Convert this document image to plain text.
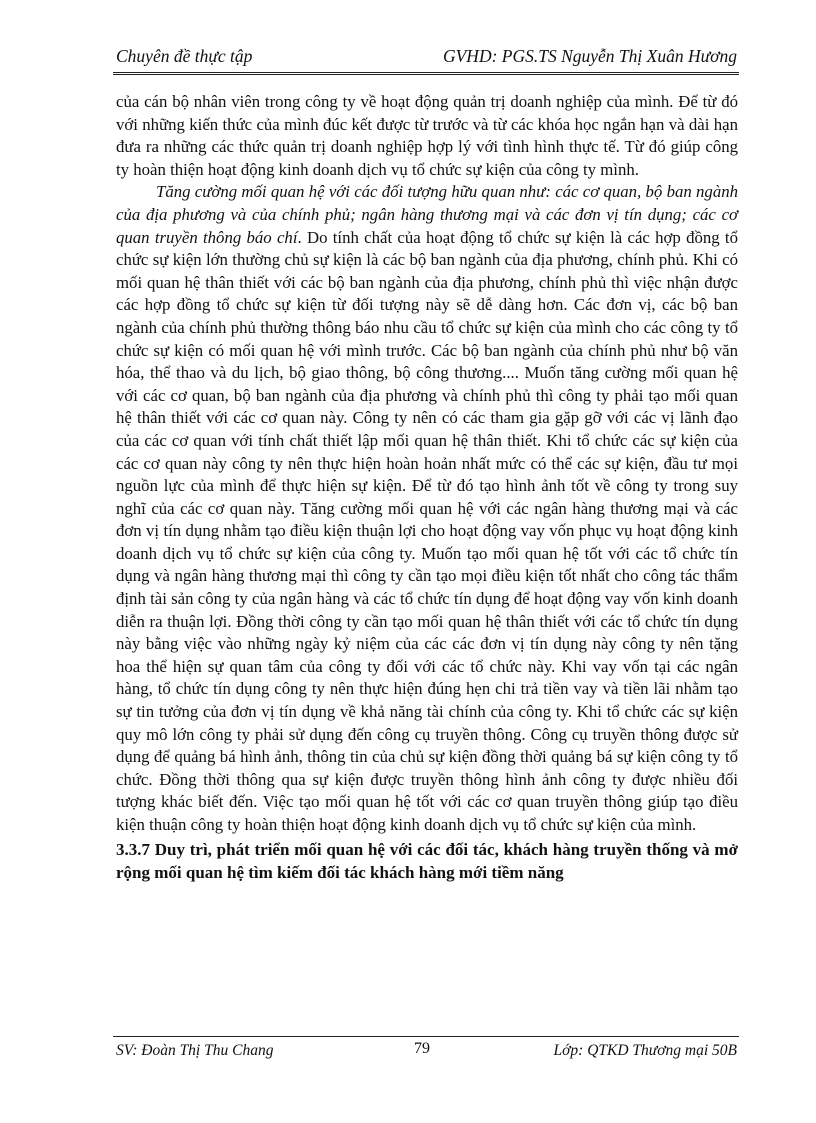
Chuyên đề thực tập	GVHD: PGS.TS Nguyễn Thị Xuân Hương

của cán bộ nhân viên trong công ty về hoạt động quản trị doanh nghiệp của mình. Để từ đó với những kiến thức của mình đúc kết được từ trước và từ các khóa học ngắn hạn và dài hạn đưa ra những các thức quản trị doanh nghiệp hợp lý với tình hình thực tế. Từ đó giúp công ty hoàn thiện hoạt động kinh doanh dịch vụ tổ chức sự kiện của công ty mình.

Tăng cường mối quan hệ với các đối tượng hữu quan như: các cơ quan, bộ ban ngành của địa phương và của chính phủ; ngân hàng thương mại và các đơn vị tín dụng; các cơ quan truyền thông báo chí. Do tính chất của hoạt động tổ chức sự kiện là các hợp đồng tổ chức sự kiện lớn thường chủ sự kiện là các bộ ban ngành của địa phương, chính phủ. Khi có mối quan hệ thân thiết với các bộ ban ngành của địa phương, chính phủ thì việc nhận được các hợp đồng tổ chức sự kiện từ đối tượng này sẽ dễ dàng hơn. Các đơn vị, các bộ ban ngành của chính phủ thường thông báo nhu cầu tổ chức sự kiện của mình cho các công ty tổ chức sự kiện có mối quan hệ với mình trước. Các bộ ban ngành của chính phủ như bộ văn hóa, thể thao và du lịch, bộ giao thông, bộ công thương.... Muốn tăng cường mối quan hệ với các cơ quan, bộ ban ngành của địa phương và chính phủ thì công ty phải tạo mối quan hệ thân thiết với các cơ quan này. Công ty nên có các tham gia gặp gỡ với các vị lãnh đạo của các cơ quan với tính chất thiết lập mối quan hệ thân thiết. Khi tổ chức các sự kiện của các cơ quan này công ty nên thực hiện hoàn hoản nhất mức có thể các sự kiện, đầu tư mọi nguồn lực của mình để thực hiện sự kiện. Để từ đó tạo hình ảnh tốt về công ty trong suy nghĩ của các cơ quan này. Tăng cường mối quan hệ với các ngân hàng thương mại và các đơn vị tín dụng nhằm tạo điều kiện thuận lợi cho hoạt động vay vốn phục vụ hoạt động kinh doanh dịch vụ tổ chức sự kiện của công ty. Muốn tạo mối quan hệ tốt với các tổ chức tín dụng và ngân hàng thương mại thì công ty cần tạo mọi điều kiện tốt nhất cho công tác thẩm định tài sản công ty của ngân hàng và các tổ chức tín dụng để hoạt động vay vốn kinh doanh diễn ra thuận lợi. Đồng thời công ty cần tạo mối quan hệ thân thiết với các tổ chức tín dụng này bằng việc vào những ngày kỷ niệm của các các đơn vị tín dụng này công ty nên tặng hoa thể hiện sự quan tâm của công ty đối với các tổ chức này. Khi vay vốn tại các ngân hàng, tổ chức tín dụng công ty nên thực hiện đúng hẹn chi trả tiền vay và tiền lãi nhằm tạo sự tin tưởng của đơn vị tín dụng về khả năng tài chính của công ty. Khi tổ chức các sự kiện quy mô lớn công ty phải sử dụng đến công cụ truyền thông. Công cụ truyền thông được sử dụng để quảng bá hình ảnh, thông tin của chủ sự kiện đồng thời quảng bá sự kiện công ty tổ chức. Đồng thời thông qua sự kiện được truyền thông hình ảnh công ty được nhiều đối tượng khác biết đến. Việc tạo mối quan hệ tốt với các cơ quan truyền thông giúp tạo điều kiện thuận công ty hoàn thiện hoạt động kinh doanh dịch vụ tổ chức sự kiện của mình.

3.3.7 Duy trì, phát triển mối quan hệ với các đối tác, khách hàng truyền thống và mở rộng mối quan hệ tìm kiếm đối tác khách hàng mới tiềm năng

SV: Đoàn Thị Thu Chang	79	Lớp: QTKD Thương mại 50B
